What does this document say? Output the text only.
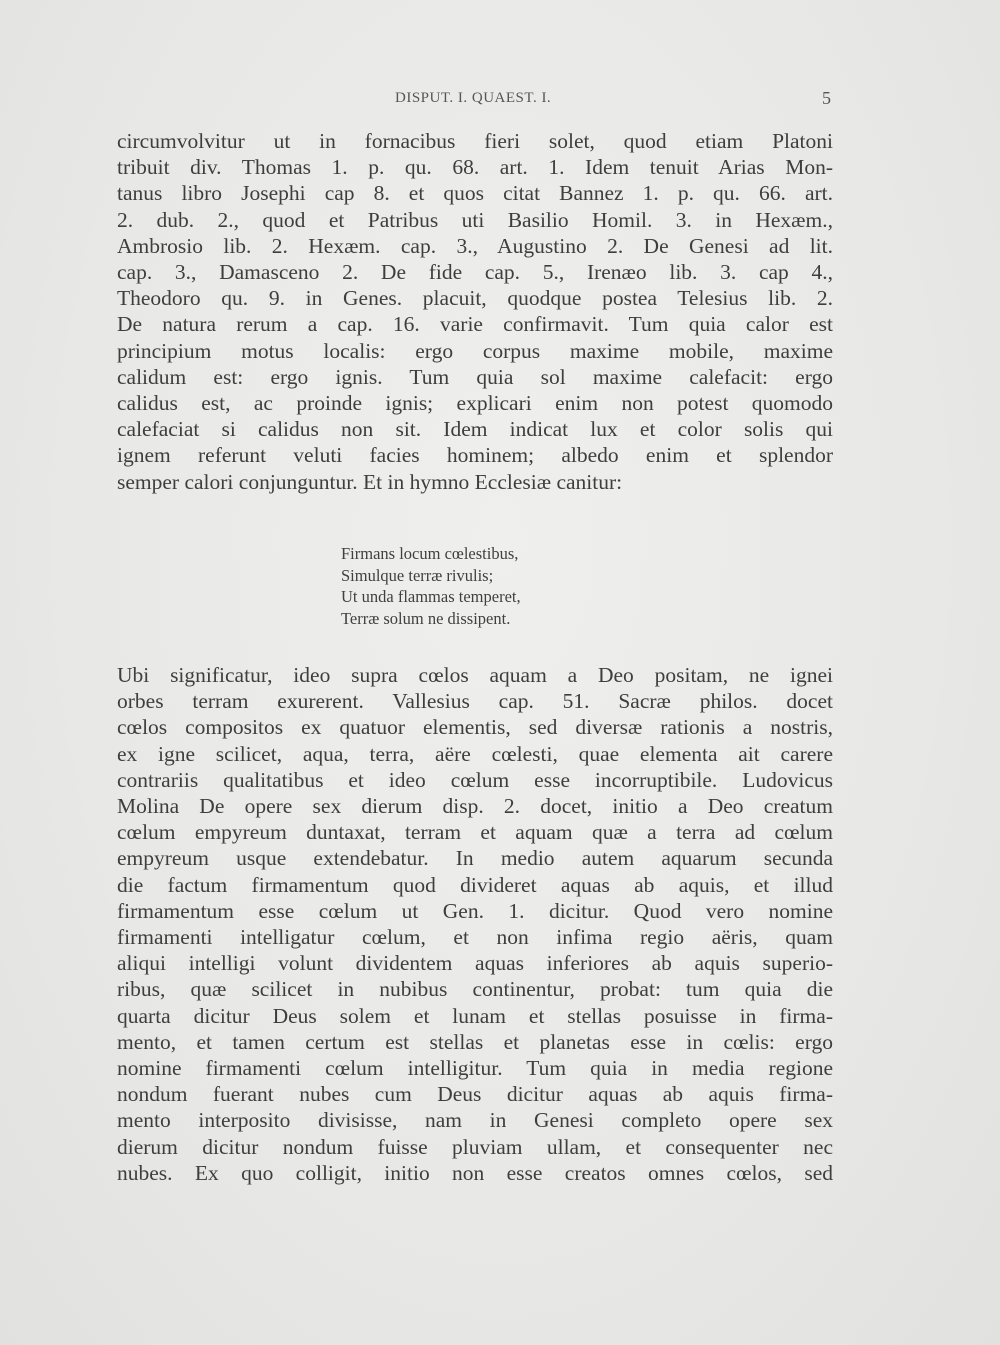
DISPUT. I. QUAEST. I.	5
circumvolvitur ut in fornacibus fieri solet, quod etiam Platoni
tribuit div. Thomas 1. p. qu. 68. art. 1. Idem tenuit Arias Mon-
tanus libro Josephi cap 8. et quos citat Bannez 1. p. qu. 66. art.
2. dub. 2., quod et Patribus uti Basilio Homil. 3. in Hexæm.,
Ambrosio lib. 2. Hexæm. cap. 3., Augustino 2. De Genesi ad lit.
cap. 3., Damasceno 2. De fide cap. 5., Irenæo lib. 3. cap 4.,
Theodoro qu. 9. in Genes. placuit, quodque postea Telesius lib. 2.
De natura rerum a cap. 16. varie confirmavit. Tum quia calor est
principium motus localis: ergo corpus maxime mobile, maxime
calidum est: ergo ignis. Tum quia sol maxime calefacit: ergo
calidus est, ac proinde ignis; explicari enim non potest quomodo
calefaciat si calidus non sit. Idem indicat lux et color solis qui
ignem referunt veluti facies hominem; albedo enim et splendor
semper calori conjunguntur. Et in hymno Ecclesiæ canitur:
Firmans locum cœlestibus,
Simulque terræ rivulis;
Ut unda flammas temperet,
Terræ solum ne dissipent.
Ubi significatur, ideo supra cœlos aquam a Deo positam, ne ignei
orbes terram exurerent. Vallesius cap. 51. Sacræ philos. docet
cœlos compositos ex quatuor elementis, sed diversæ rationis a nostris,
ex igne scilicet, aqua, terra, aëre cœlesti, quae elementa ait carere
contrariis qualitatibus et ideo cœlum esse incorruptibile. Ludovicus
Molina De opere sex dierum disp. 2. docet, initio a Deo creatum
cœlum empyreum duntaxat, terram et aquam quæ a terra ad cœlum
empyreum usque extendebatur. In medio autem aquarum secunda
die factum firmamentum quod divideret aquas ab aquis, et illud
firmamentum esse cœlum ut Gen. 1. dicitur. Quod vero nomine
firmamenti intelligatur cœlum, et non infima regio aëris, quam
aliqui intelligi volunt dividentem aquas inferiores ab aquis superio-
ribus, quæ scilicet in nubibus continentur, probat: tum quia die
quarta dicitur Deus solem et lunam et stellas posuisse in firma-
mento, et tamen certum est stellas et planetas esse in cœlis: ergo
nomine firmamenti cœlum intelligitur. Tum quia in media regione
nondum fuerant nubes cum Deus dicitur aquas ab aquis firma-
mento interposito divisisse, nam in Genesi completo opere sex
dierum dicitur nondum fuisse pluviam ullam, et consequenter nec
nubes. Ex quo colligit, initio non esse creatos omnes cœlos, sed
